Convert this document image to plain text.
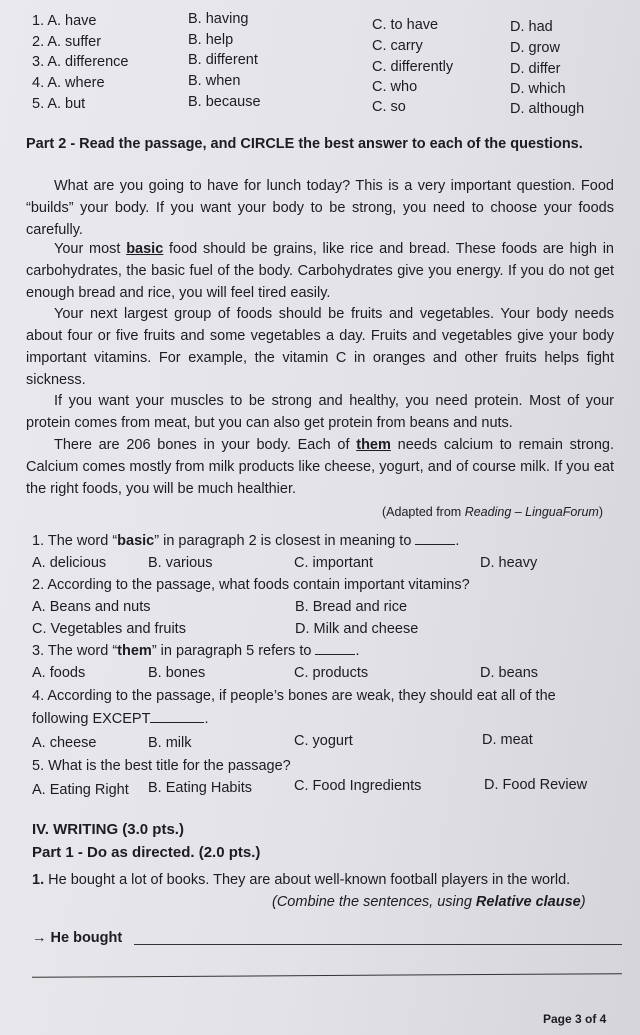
1. A. have	B. having	C. to have	D. had
2. A. suffer	B. help	C. carry	D. grow
3. A. difference	B. different	C. differently	D. differ
4. A. where	B. when	C. who	D. which
5. A. but	B. because	C. so	D. although
Part 2 - Read the passage, and CIRCLE the best answer to each of the questions.
What are you going to have for lunch today? This is a very important question. Food “builds” your body. If you want your body to be strong, you need to choose your foods carefully.
Your most basic food should be grains, like rice and bread. These foods are high in carbohydrates, the basic fuel of the body. Carbohydrates give you energy. If you do not get enough bread and rice, you will feel tired easily.
Your next largest group of foods should be fruits and vegetables. Your body needs about four or five fruits and some vegetables a day. Fruits and vegetables give your body important vitamins. For example, the vitamin C in oranges and other fruits helps fight sickness.
If you want your muscles to be strong and healthy, you need protein. Most of your protein comes from meat, but you can also get protein from beans and nuts.
There are 206 bones in your body. Each of them needs calcium to remain strong. Calcium comes mostly from milk products like cheese, yogurt, and of course milk. If you eat the right foods, you will be much healthier.
(Adapted from Reading – LinguaForum)
1. The word “basic” in paragraph 2 is closest in meaning to	.
A. delicious	B. various	C. important	D. heavy
2. According to the passage, what foods contain important vitamins?
A. Beans and nuts	B. Bread and rice
C. Vegetables and fruits	D. Milk and cheese
3. The word “them” in paragraph 5 refers to	.
A. foods	B. bones	C. products	D. beans
4. According to the passage, if people’s bones are weak, they should eat all of the
following EXCEPT	.
A. cheese	B. milk	C. yogurt	D. meat
5. What is the best title for the passage?
A. Eating Right B. Eating Habits	C. Food Ingredients	D. Food Review
IV. WRITING (3.0 pts.)
Part 1 - Do as directed. (2.0 pts.)
1. He bought a lot of books. They are about well-known football players in the world.
(Combine the sentences, using Relative clause)
→ He bought
Page 3 of 4
